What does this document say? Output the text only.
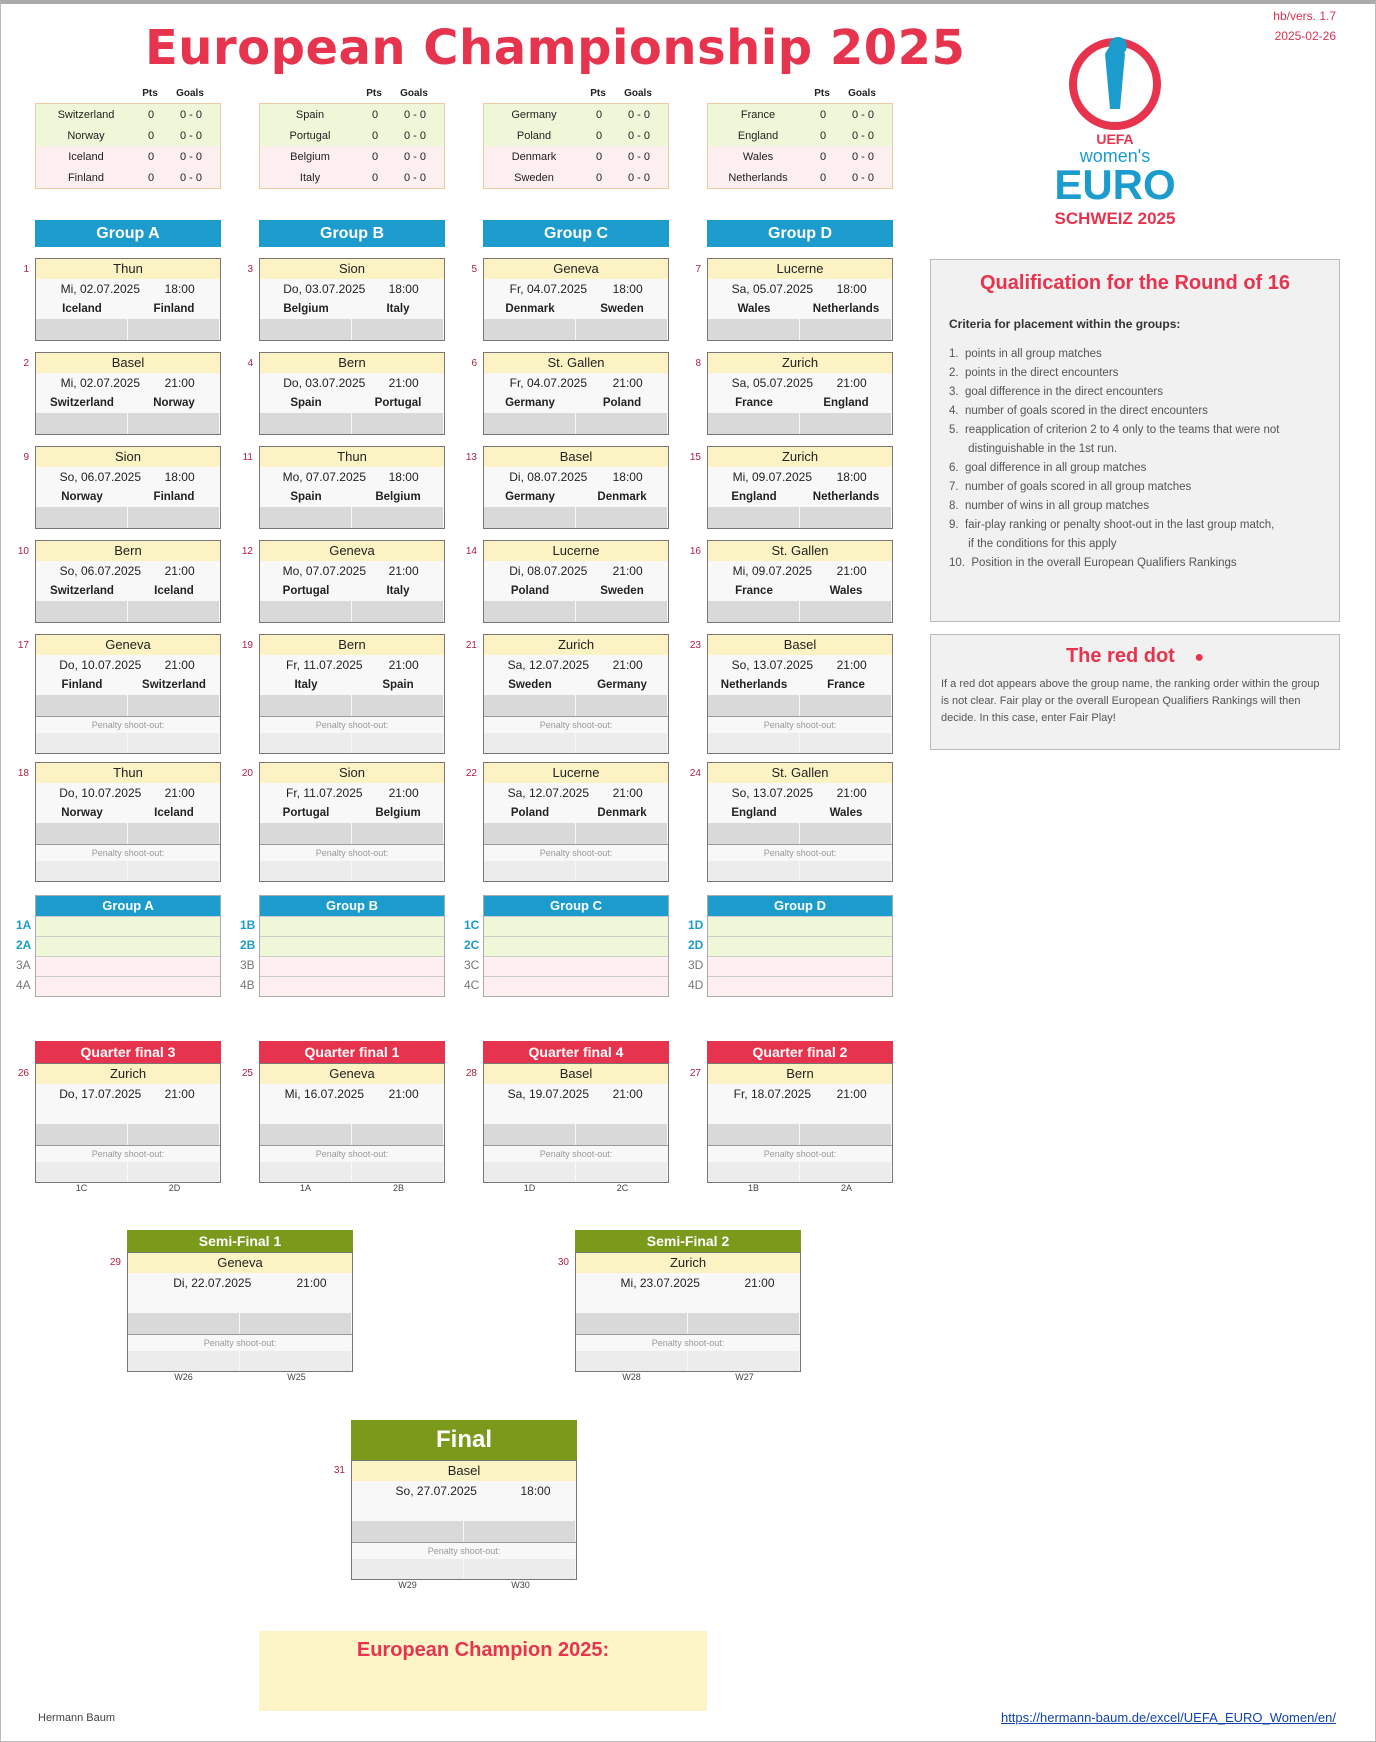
European Championship 2025
hb/vers. 1.7
2025-02-26
UEFA
women's
EURO
SCHWEIZ 2025
Pts Goals
Switzerland	0	0 - 0
Norway	0	0 - 0
Iceland	0	0 - 0
Finland	0	0 - 0
Pts Goals
Spain	0	0 - 0
Portugal	0	0 - 0
Belgium	0	0 - 0
Italy	0	0 - 0
Pts Goals
Germany	0	0 - 0
Poland	0	0 - 0
Denmark	0	0 - 0
Sweden	0	0 - 0
Pts Goals
France	0	0 - 0
England	0	0 - 0
Wales	0	0 - 0
Netherlands	0	0 - 0
Group A
1	Thun
Mi, 02.07.2025	18:00
Iceland	Finland
2	Basel
Mi, 02.07.2025	21:00
Switzerland	Norway
9	Sion
So, 06.07.2025	18:00
Norway	Finland
10	Bern
So, 06.07.2025	21:00
Switzerland	Iceland
17	Geneva
Do, 10.07.2025	21:00
Finland	Switzerland
Penalty shoot-out:
18	Thun
Do, 10.07.2025	21:00
Norway	Iceland
Penalty shoot-out:
Group B
3	Sion
Do, 03.07.2025	18:00
Belgium	Italy
4	Bern
Do, 03.07.2025	21:00
Spain	Portugal
11	Thun
Mo, 07.07.2025	18:00
Spain	Belgium
12	Geneva
Mo, 07.07.2025	21:00
Portugal	Italy
19	Bern
Fr, 11.07.2025	21:00
Italy	Spain
Penalty shoot-out:
20	Sion
Fr, 11.07.2025	21:00
Portugal	Belgium
Penalty shoot-out:
Group C
5	Geneva
Fr, 04.07.2025	18:00
Denmark	Sweden
6	St. Gallen
Fr, 04.07.2025	21:00
Germany	Poland
13	Basel
Di, 08.07.2025	18:00
Germany	Denmark
14	Lucerne
Di, 08.07.2025	21:00
Poland	Sweden
21	Zurich
Sa, 12.07.2025	21:00
Sweden	Germany
Penalty shoot-out:
22	Lucerne
Sa, 12.07.2025	21:00
Poland	Denmark
Penalty shoot-out:
Group D
7	Lucerne
Sa, 05.07.2025	18:00
Wales	Netherlands
8	Zurich
Sa, 05.07.2025	21:00
France	England
15	Zurich
Mi, 09.07.2025	18:00
England	Netherlands
16	St. Gallen
Mi, 09.07.2025	21:00
France	Wales
23	Basel
So, 13.07.2025	21:00
Netherlands	France
Penalty shoot-out:
24	St. Gallen
So, 13.07.2025	21:00
England	Wales
Penalty shoot-out:
1A
2A
3A
4A
Group A
1B
2B
3B
4B
Group B
1C
2C
3C
4C
Group C
1D
2D
3D
4D
Group D
Quarter final 3
26	Zurich
Do, 17.07.2025	21:00
Penalty shoot-out:
1C	2D
Quarter final 1
25	Geneva
Mi, 16.07.2025	21:00
Penalty shoot-out:
1A	2B
Quarter final 4
28	Basel
Sa, 19.07.2025	21:00
Penalty shoot-out:
1D	2C
Quarter final 2
27	Bern
Fr, 18.07.2025	21:00
Penalty shoot-out:
1B	2A
Semi-Final 1
29	Geneva
Di, 22.07.2025	21:00
Penalty shoot-out:
W26	W25
Semi-Final 2
30	Zurich
Mi, 23.07.2025	21:00
Penalty shoot-out:
W28	W27
Final
31	Basel
So, 27.07.2025	18:00
Penalty shoot-out:
W29	W30
Qualification for the Round of 16
Criteria for placement within the groups:
1.  points in all group matches
2.  points in the direct encounters
3.  goal difference in the direct encounters
4.  number of goals scored in the direct encounters
5.  reapplication of criterion 2 to 4 only to the teams that were not
distinguishable in the 1st run.
6.  goal difference in all group matches
7.  number of goals scored in all group matches
8.  number of wins in all group matches
9.  fair-play ranking or penalty shoot-out in the last group match,
if the conditions for this apply
10.  Position in the overall European Qualifiers Rankings
The red dot ●
If a red dot appears above the group name, the ranking order within the group is not clear. Fair play or the overall European Qualifiers Rankings will then decide. In this case, enter Fair Play!
European Champion 2025:
Hermann Baum	https://hermann-baum.de/excel/UEFA_EURO_Women/en/
